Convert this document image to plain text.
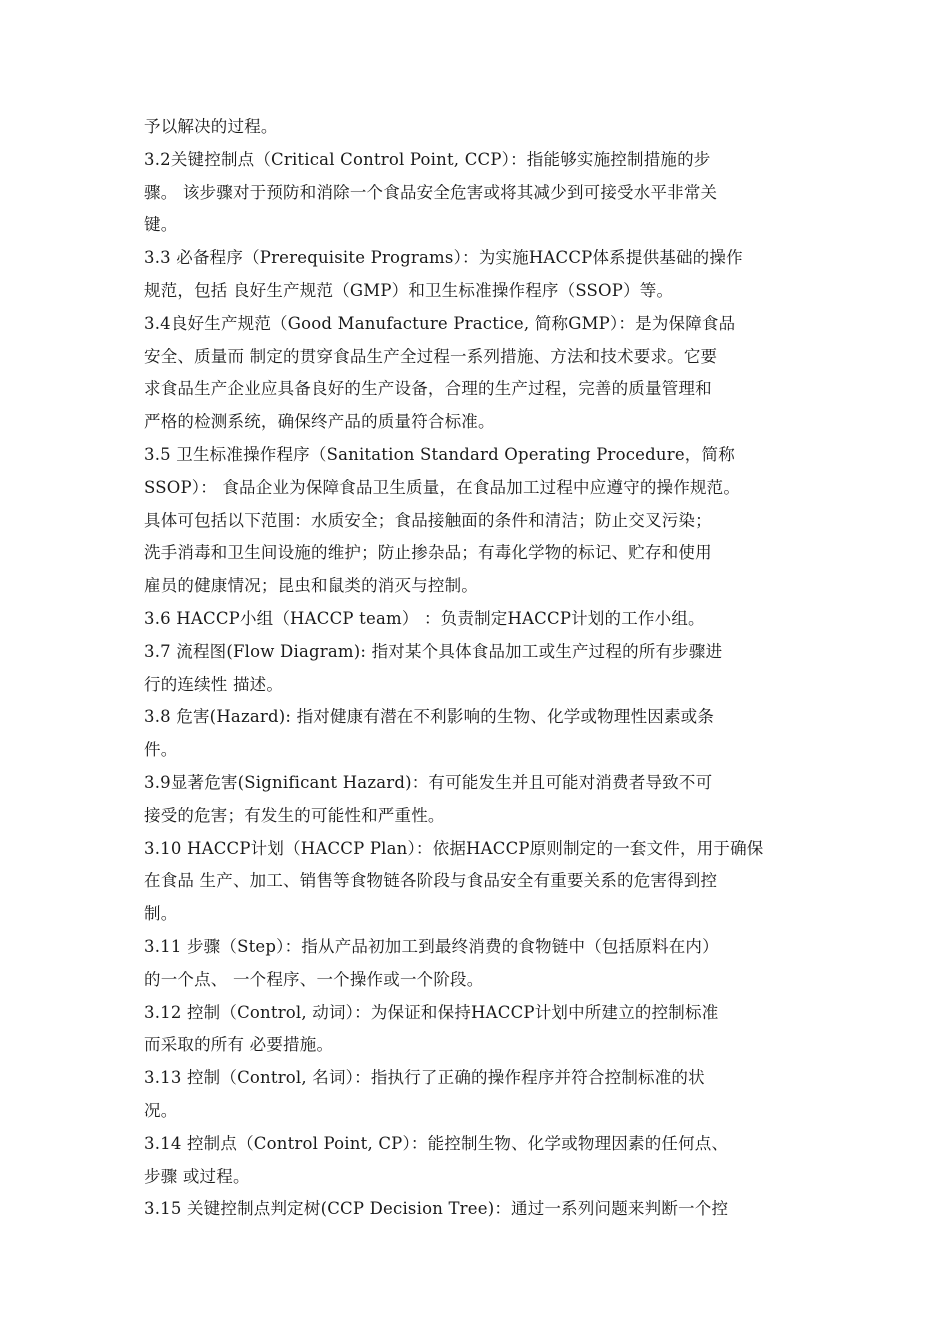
予以解决的过程。
3.2关键控制点（Critical Control Point, CCP）：指能够实施控制措施的步
骤。 该步骤对于预防和消除一个食品安全危害或将其减少到可接受水平非常关
键。
3.3 必备程序（Prerequisite Programs）：为实施HACCP体系提供基础的操作
规范，包括 良好生产规范（GMP）和卫生标准操作程序（SSOP）等。
3.4良好生产规范（Good Manufacture Practice, 简称GMP）：是为保障食品
安全、质量而 制定的贯穿食品生产全过程一系列措施、方法和技术要求。它要
求食品生产企业应具备良好的生产设备，合理的生产过程，完善的质量管理和
严格的检测系统，确保终产品的质量符合标准。
3.5 卫生标准操作程序（Sanitation Standard Operating Procedure，简称
SSOP）： 食品企业为保障食品卫生质量，在食品加工过程中应遵守的操作规范。
具体可包括以下范围：水质安全；食品接触面的条件和清洁；防止交叉污染；
洗手消毒和卫生间设施的维护；防止掺杂品；有毒化学物的标记、贮存和使用
雇员的健康情况；昆虫和鼠类的消灭与控制。
3.6 HACCP小组（HACCP team） ：负责制定HACCP计划的工作小组。
3.7 流程图(Flow Diagram): 指对某个具体食品加工或生产过程的所有步骤进
行的连续性 描述。
3.8 危害(Hazard): 指对健康有潜在不利影响的生物、化学或物理性因素或条
件。
3.9显著危害(Significant Hazard)：有可能发生并且可能对消费者导致不可
接受的危害；有发生的可能性和严重性。
3.10 HACCP计划（HACCP Plan）：依据HACCP原则制定的一套文件，用于确保
在食品 生产、加工、销售等食物链各阶段与食品安全有重要关系的危害得到控
制。
3.11 步骤（Step）：指从产品初加工到最终消费的食物链中（包括原料在内）
的一个点、 一个程序、一个操作或一个阶段。
3.12 控制（Control, 动词）：为保证和保持HACCP计划中所建立的控制标准
而采取的所有 必要措施。
3.13 控制（Control, 名词）：指执行了正确的操作程序并符合控制标准的状
况。
3.14 控制点（Control Point, CP）：能控制生物、化学或物理因素的任何点、
步骤 或过程。
3.15 关键控制点判定树(CCP Decision Tree)：通过一系列问题来判断一个控
